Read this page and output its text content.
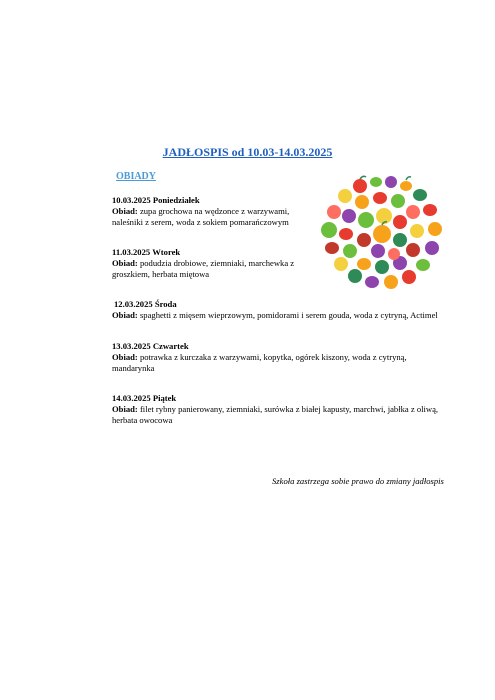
JADŁOSPIS od 10.03-14.03.2025
OBIADY
10.03.2025 Poniedziałek
Obiad: zupa grochowa na wędzonce z warzywami, naleśniki z serem, woda z sokiem pomarańczowym
11.03.2025 Wtorek
Obiad: podudzia drobiowe, ziemniaki, marchewka z groszkiem, herbata miętowa
12.03.2025 Środa
Obiad: spaghetti z mięsem wieprzowym, pomidorami i serem gouda, woda z cytryną, Actimel
13.03.2025 Czwartek
Obiad: potrawka z kurczaka z warzywami, kopytka, ogórek kiszony, woda z cytryną, mandarynka
14.03.2025 Piątek
Obiad: filet rybny panierowany, ziemniaki, surówka z białej kapusty, marchwi, jabłka z oliwą, herbata owocowa
Szkoła zastrzega sobie prawo do zmiany jadłospis
